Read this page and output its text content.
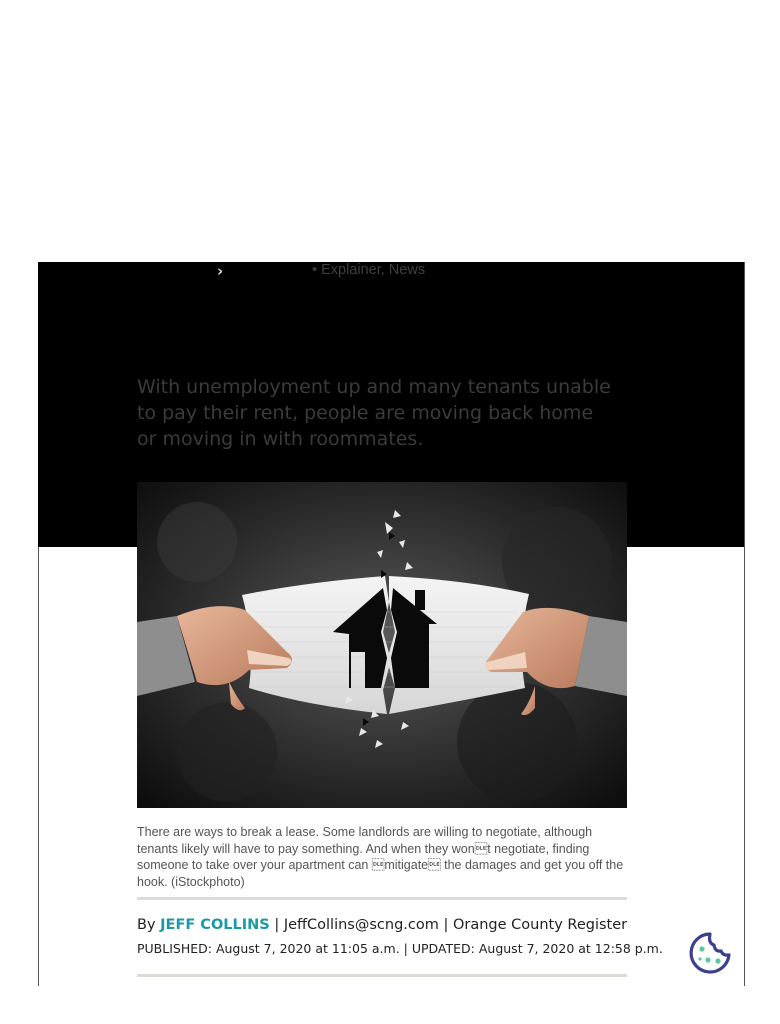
›	• Explainer, News
With unemployment up and many tenants unable to pay their rent, people are moving back home or moving in with roommates.
There are ways to break a lease. Some landlords are willing to negotiate, although tenants likely will have to pay something. And when they wont negotiate, finding someone to take over your apartment can mitigate the damages and get you off the hook. (iStockphoto)
By JEFF COLLINS | JeffCollins@scng.com | Orange County Register
PUBLISHED: August 7, 2020 at 11:05 a.m. | UPDATED: August 7, 2020 at 12:58 p.m.
